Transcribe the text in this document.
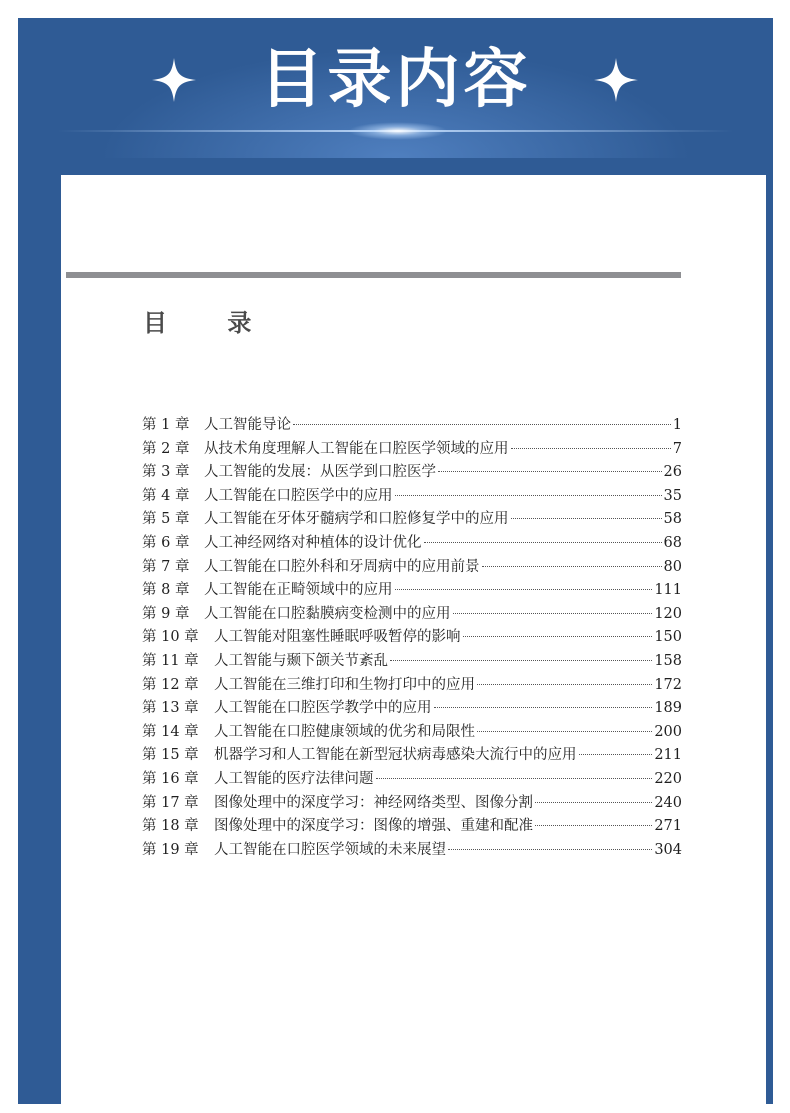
目录内容
目 录
第 1 章	人工智能导论	1
第 2 章	从技术角度理解人工智能在口腔医学领域的应用	7
第 3 章	人工智能的发展：从医学到口腔医学	26
第 4 章	人工智能在口腔医学中的应用	35
第 5 章	人工智能在牙体牙髓病学和口腔修复学中的应用	58
第 6 章	人工神经网络对种植体的设计优化	68
第 7 章	人工智能在口腔外科和牙周病中的应用前景	80
第 8 章	人工智能在正畸领域中的应用	111
第 9 章	人工智能在口腔黏膜病变检测中的应用	120
第 10 章	人工智能对阻塞性睡眠呼吸暂停的影响	150
第 11 章	人工智能与颞下颌关节紊乱	158
第 12 章	人工智能在三维打印和生物打印中的应用	172
第 13 章	人工智能在口腔医学教学中的应用	189
第 14 章	人工智能在口腔健康领域的优劣和局限性	200
第 15 章	机器学习和人工智能在新型冠状病毒感染大流行中的应用	211
第 16 章	人工智能的医疗法律问题	220
第 17 章	图像处理中的深度学习：神经网络类型、图像分割	240
第 18 章	图像处理中的深度学习：图像的增强、重建和配准	271
第 19 章	人工智能在口腔医学领域的未来展望	304
